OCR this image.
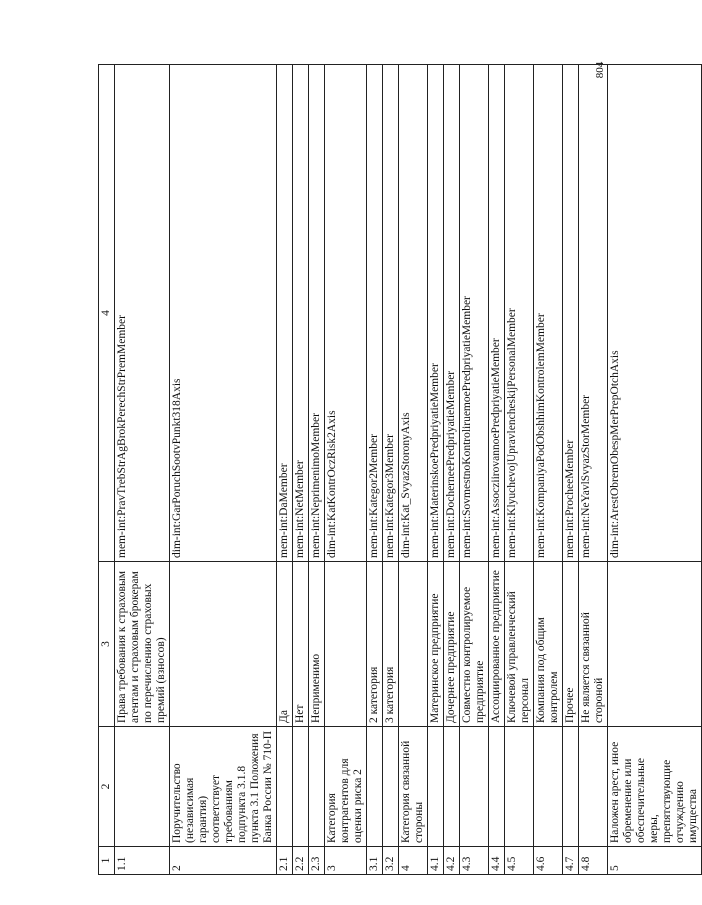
804
1	2	3	4
1.1		Права требования к страховым агентам и страховым брокерам по перечислению страховых премий (взносов)	mem-int:PravTrebStrAgBrokPerechStrPremMember
2	Поручительство (независимая гарантия) соответствует требованиям подпункта 3.1.8 пункта 3.1 Положения Банка России № 710-П		dim-int:GarPoruchSootvPunkt318Axis
2.1		Да	mem-int:DaMember
2.2		Нет	mem-int:NetMember
2.3		Неприменимо	mem-int:NeprimenimoMember
3	Категория контрагентов для оценки риска 2		dim-int:KatKontrOczRisk2Axis
3.1		2 категория	mem-int:Kategor2Member
3.2		3 категория	mem-int:Kategor3Member
4	Категория связанной стороны		dim-int:Kat_SvyazStoronyAxis
4.1		Материнское предприятие	mem-int:MaterinskoePredpriyatieMember
4.2		Дочернее предприятие	mem-int:DocherneePredpriyatieMember
4.3		Совместно контролируемое предприятие	mem-int:SovmestnoKontroliruemoePredpriyatieMember
4.4		Ассоциированное предприятие	mem-int:AssocziirovannoePredpriyatieMember
4.5		Ключевой управленческий персонал	mem-int:KlyuchevojUpravlencheskijPersonalMember
4.6		Компания под общим контролем	mem-int:KompaniyaPodObshhimKontrolemMember
4.7		Прочее	mem-int:ProcheeMember
4.8		Не является связанной стороной	mem-int:NeYavlSvyazStorMember
5	Наложен арест, иное обременение или обеспечительные меры, препятствующие отчуждению имущества		dim-int:ArestObremObespMerPrepOtchAxis
